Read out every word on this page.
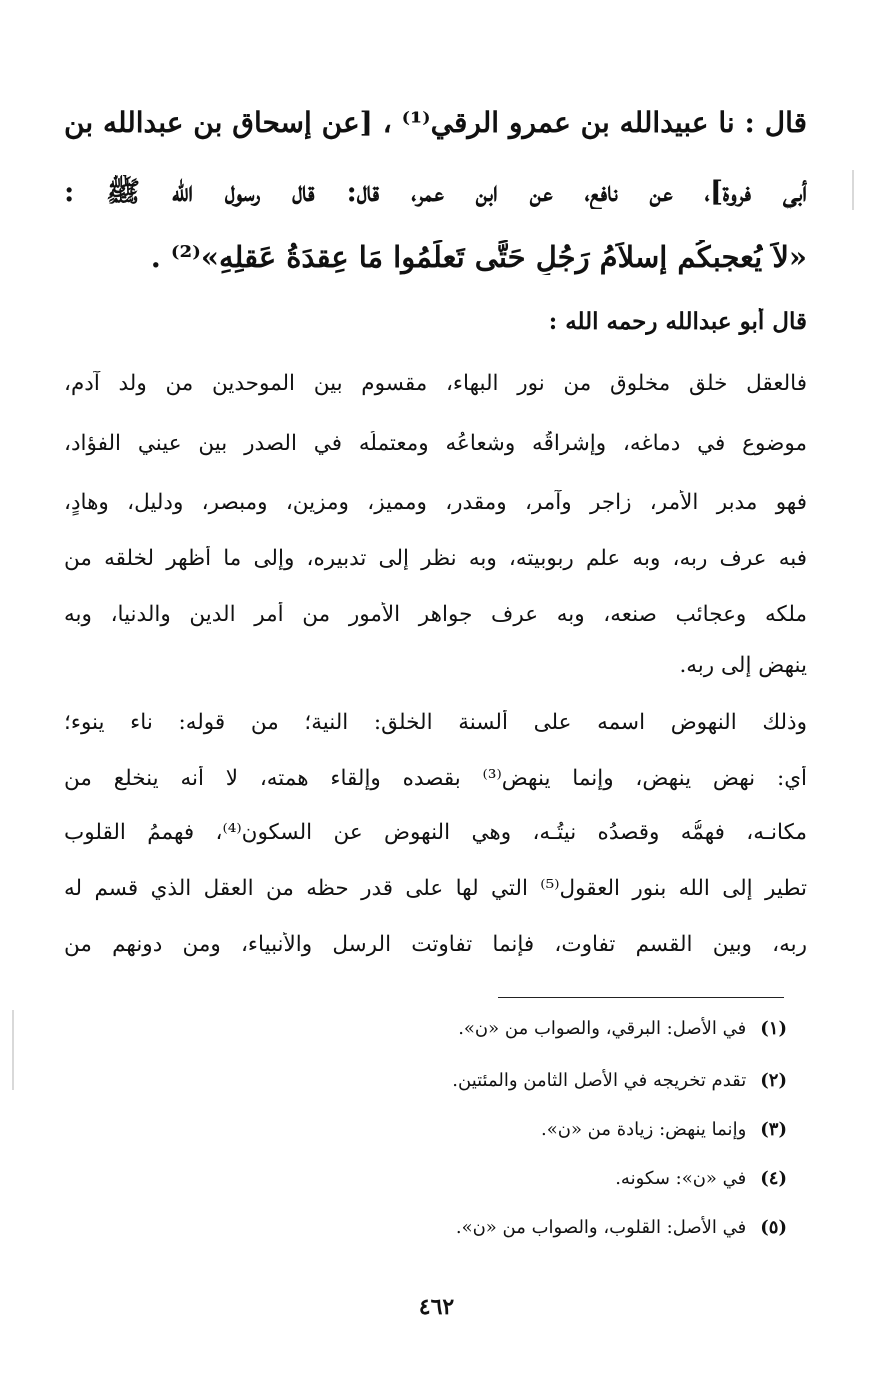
قال : نا عبيدالله بن عمرو الرقي⁽¹⁾ ، [عن إسحاق بن عبدالله بن
أبي فروة]، عن نافع، عن ابن عمر، قال: قال رسول الله ﷺ :
«لاَ يُعجبكُم إسلاَمُ رَجُلٍ حَتَّى تَعلَمُوا مَا عِقدَةُ عَقلِهِ»⁽²⁾ .
قال أبو عبدالله رحمه الله :
فالعقل خلق مخلوق من نور البهاء، مقسوم بين الموحدين من ولد آدم،
موضوع في دماغه، وإشراقُه وشعاعُه ومعتملُه في الصدر بين عيني الفؤاد،
فهو مدبر الأمر، زاجر وآمر، ومقدر، ومميز، ومزين، ومبصر، ودليل، وهادٍ،
فبه عرف ربه، وبه علم ربوبيته، وبه نظر إلى تدبيره، وإلى ما أظهر لخلقه من
ملكه وعجائب صنعه، وبه عرف جواهر الأمور من أمر الدين والدنيا، وبه
ينهض إلى ربه.
وذلك النهوض اسمه على ألسنة الخلق: النية؛ من قوله: ناء ينوء؛
أي: نهض ينهض، وإنما ينهض⁽³⁾ بقصده وإلقاء همته، لا أنه ينخلع من
مكانـه، فهمُّه وقصدُه نيتُـه، وهي النهوض عن السكون⁽⁴⁾، فهممُ القلوب
تطير إلى الله بنور العقول⁽⁵⁾ التي لها على قدر حظه من العقل الذي قسم له
ربه، وبين القسم تفاوت، فإنما تفاوتت الرسل والأنبياء، ومن دونهم من
(١)في الأصل: البرقي، والصواب من «ن».
(٢)تقدم تخريجه في الأصل الثامن والمئتين.
(٣)وإنما ينهض: زيادة من «ن».
(٤)في «ن»: سكونه.
(٥)في الأصل: القلوب، والصواب من «ن».
٤٦٢
